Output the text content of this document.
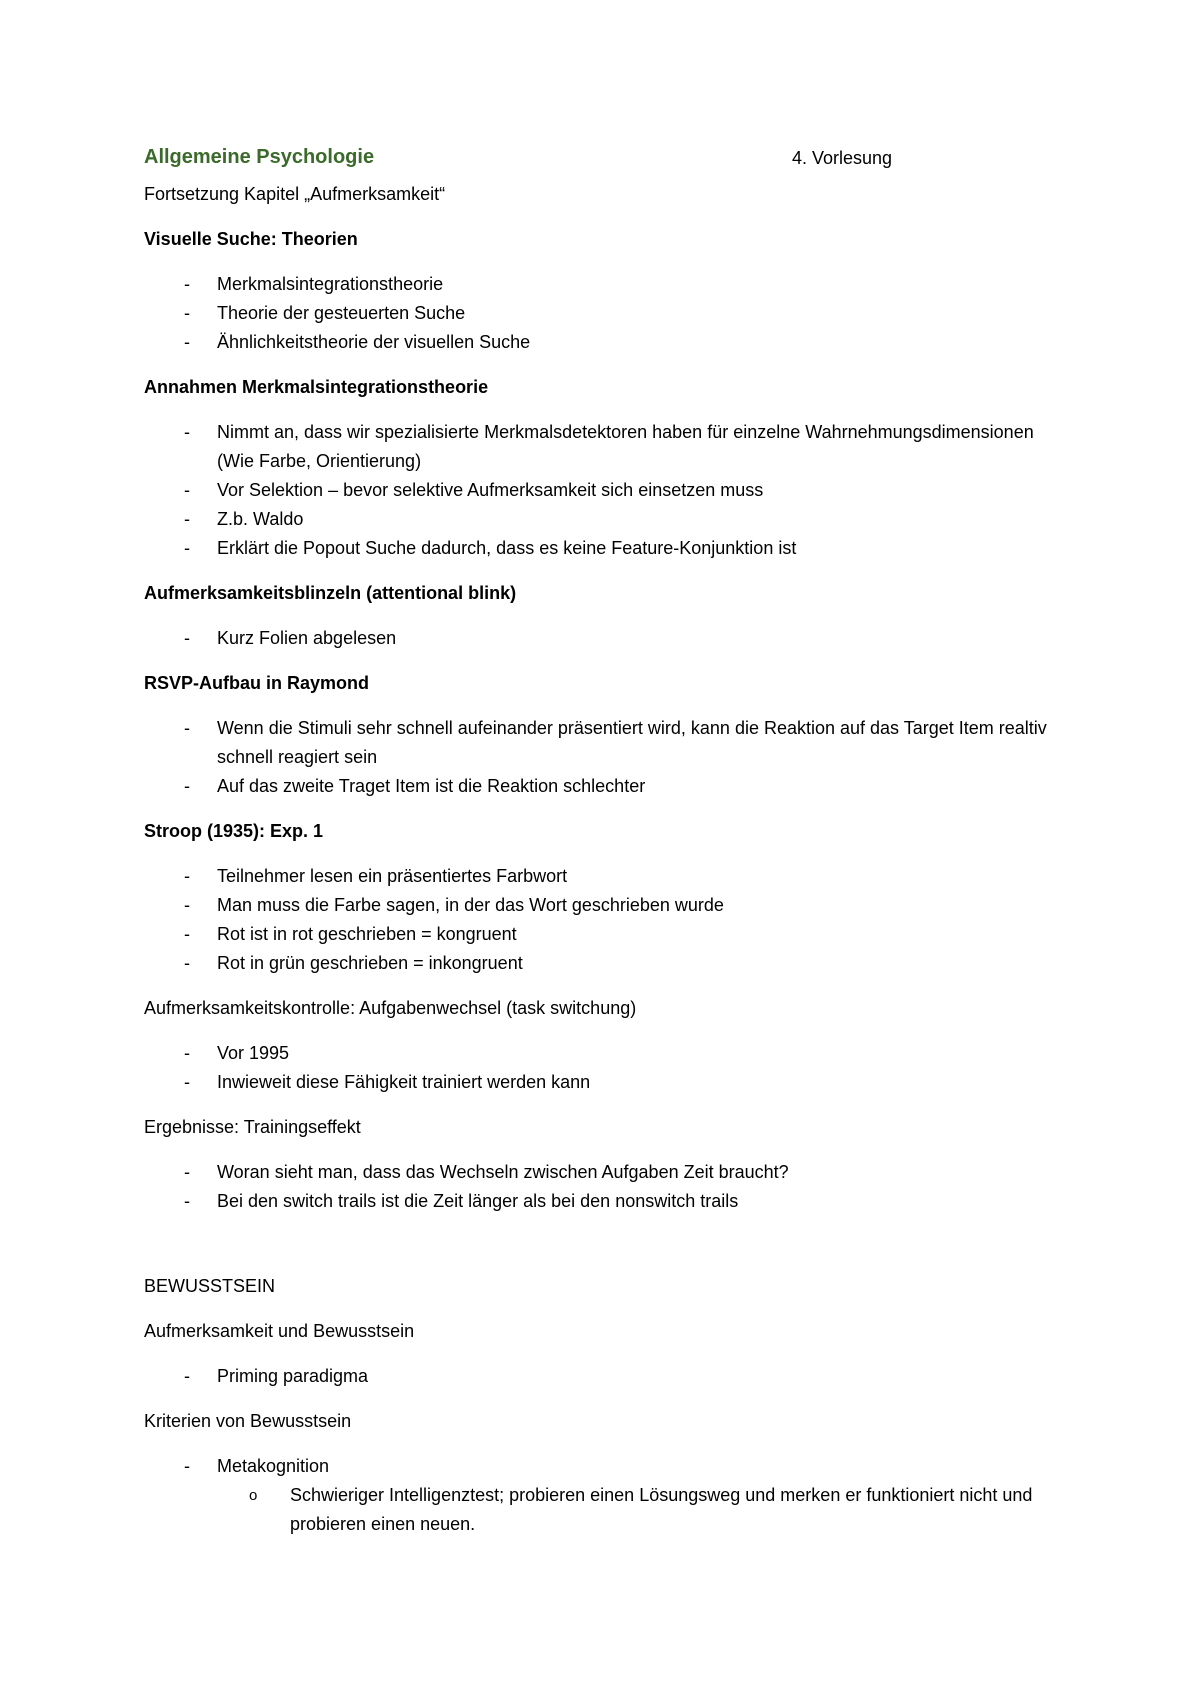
Allgemeine Psychologie	4. Vorlesung

Fortsetzung Kapitel „Aufmerksamkeit“

Visuelle Suche: Theorien

- Merkmalsintegrationstheorie
- Theorie der gesteuerten Suche
- Ähnlichkeitstheorie der visuellen Suche

Annahmen Merkmalsintegrationstheorie

- Nimmt an, dass wir spezialisierte Merkmalsdetektoren haben für einzelne Wahrnehmungsdimensionen (Wie Farbe, Orientierung)
- Vor Selektion – bevor selektive Aufmerksamkeit sich einsetzen muss
- Z.b. Waldo
- Erklärt die Popout Suche dadurch, dass es keine Feature-Konjunktion ist

Aufmerksamkeitsblinzeln (attentional blink)

- Kurz Folien abgelesen

RSVP-Aufbau in Raymond

- Wenn die Stimuli sehr schnell aufeinander präsentiert wird, kann die Reaktion auf das Target Item realtiv schnell reagiert sein
- Auf das zweite Traget Item ist die Reaktion schlechter

Stroop (1935): Exp. 1

- Teilnehmer lesen ein präsentiertes Farbwort
- Man muss die Farbe sagen, in der das Wort geschrieben wurde
- Rot ist in rot geschrieben = kongruent
- Rot in grün geschrieben = inkongruent

Aufmerksamkeitskontrolle: Aufgabenwechsel (task switchung)

- Vor 1995
- Inwieweit diese Fähigkeit trainiert werden kann

Ergebnisse: Trainingseffekt

- Woran sieht man, dass das Wechseln zwischen Aufgaben Zeit braucht?
- Bei den switch trails ist die Zeit länger als bei den nonswitch trails

BEWUSSTSEIN

Aufmerksamkeit und Bewusstsein

- Priming paradigma

Kriterien von Bewusstsein

- Metakognition
o Schwieriger Intelligenztest; probieren einen Lösungsweg und merken er funktioniert nicht und probieren einen neuen.
